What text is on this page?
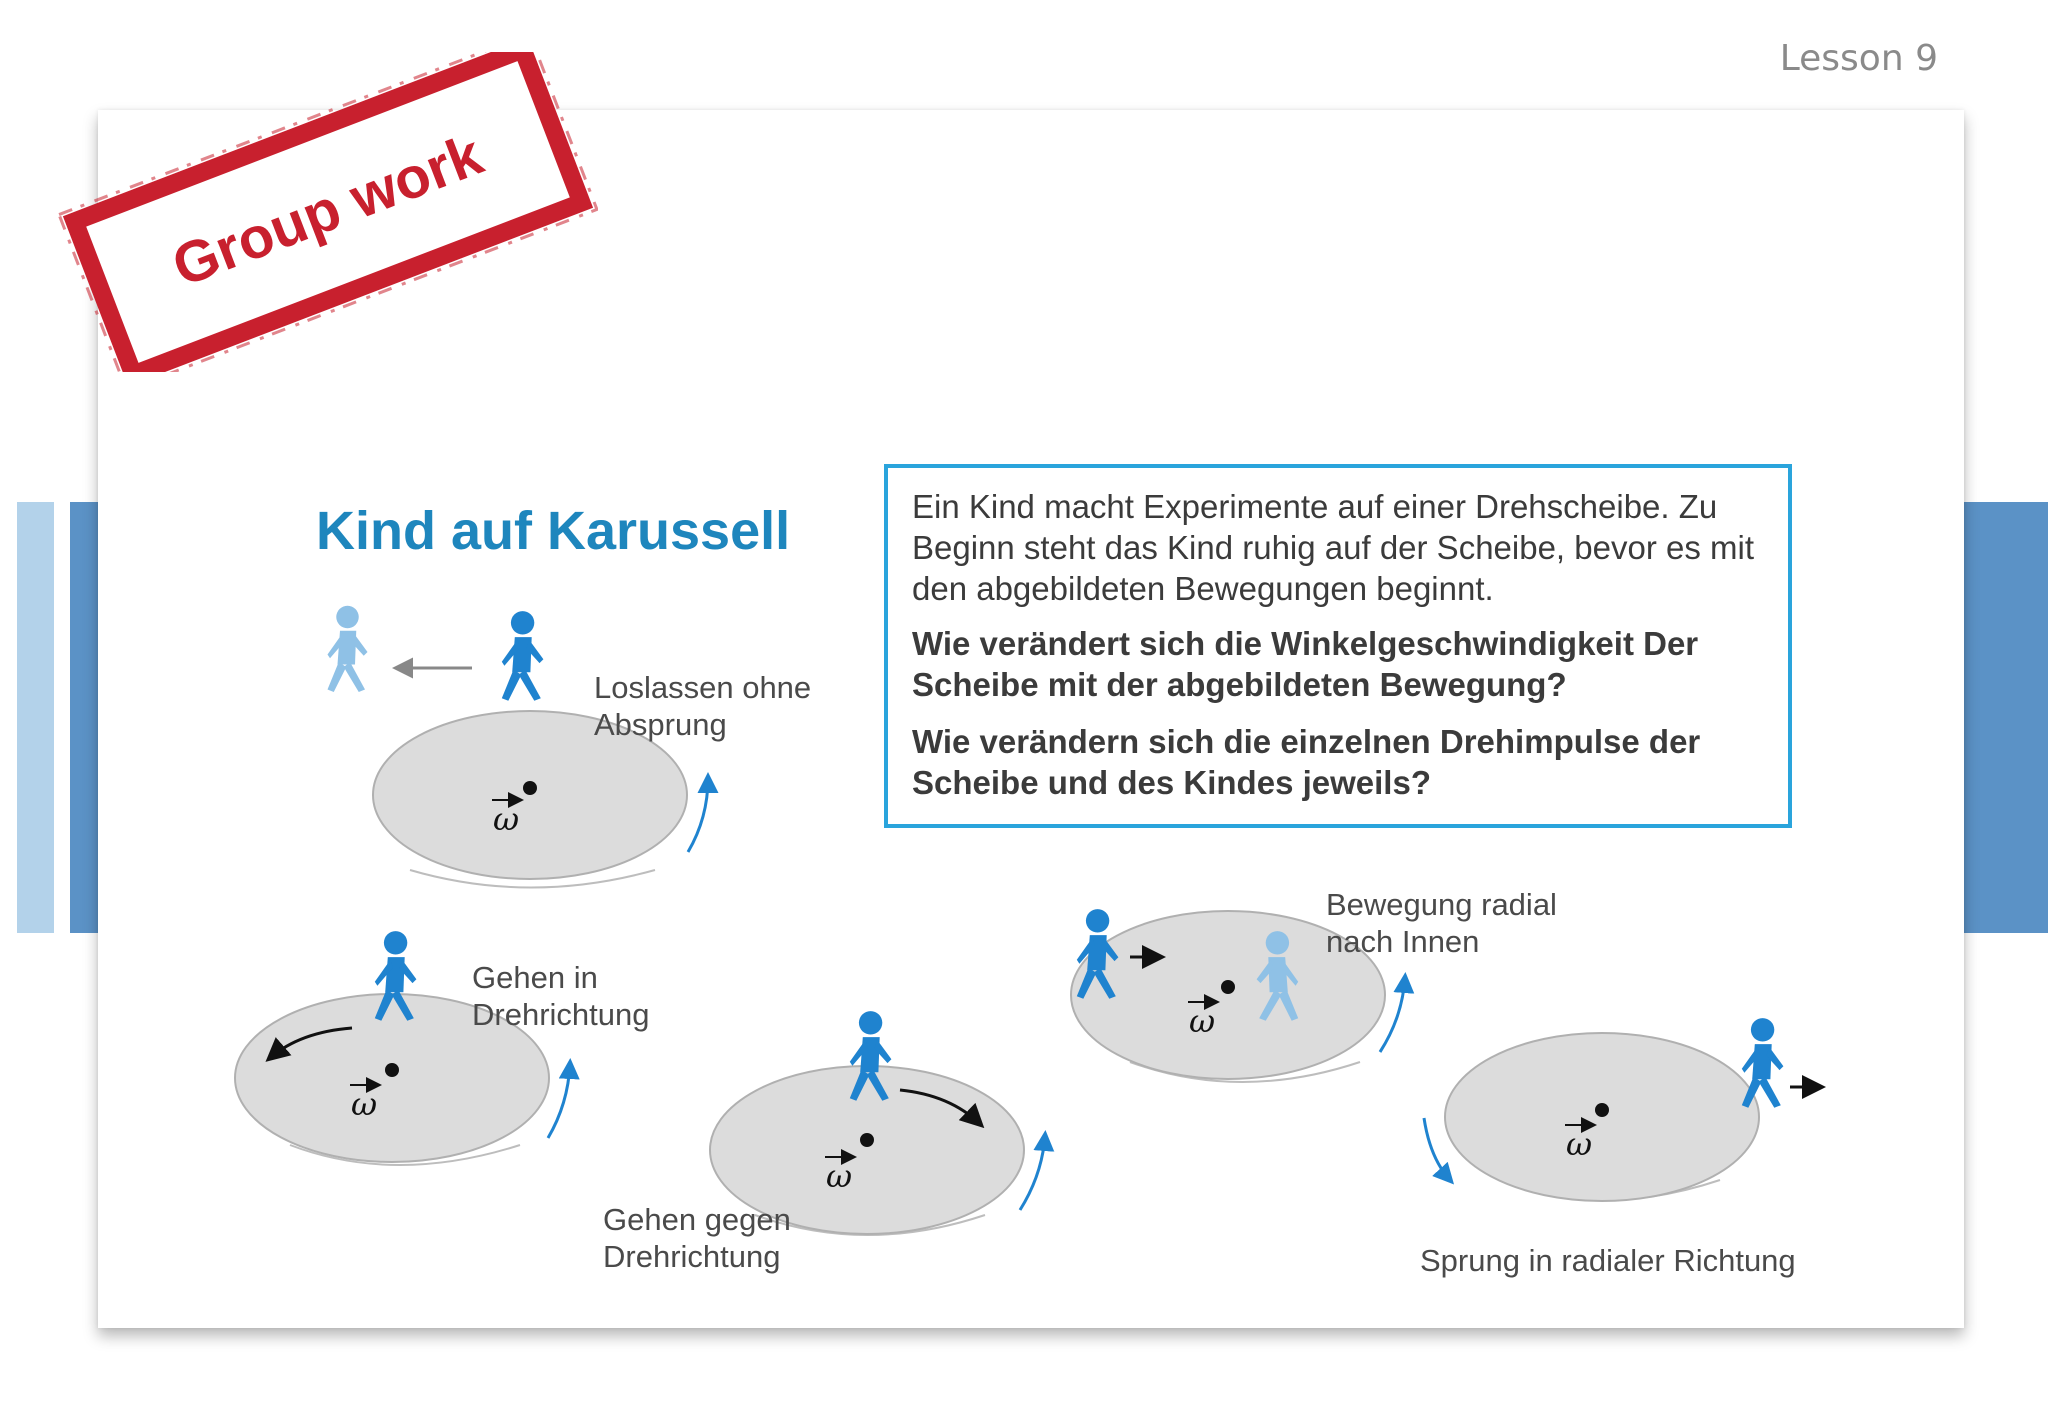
Lesson 9
Kind auf Karussell	Ein Kind macht Experimente auf einer Drehscheibe. Zu Beginn steht das Kind ruhig auf der Scheibe, bevor es mit den abgebildeten Bewegungen beginnt.

Wie verändert sich die Winkelgeschwindigkeit Der Scheibe mit der abgebildeten Bewegung?

Wie verändern sich die einzelnen Drehimpulse der Scheibe und des Kindes jeweils?

ω
ω
ω
ω
ω
Loslassen ohne
Absprung
Gehen in
Drehrichtung
Gehen gegen
Drehrichtung
Bewegung radial
nach Innen
Sprung in radialer Richtung
Group work
